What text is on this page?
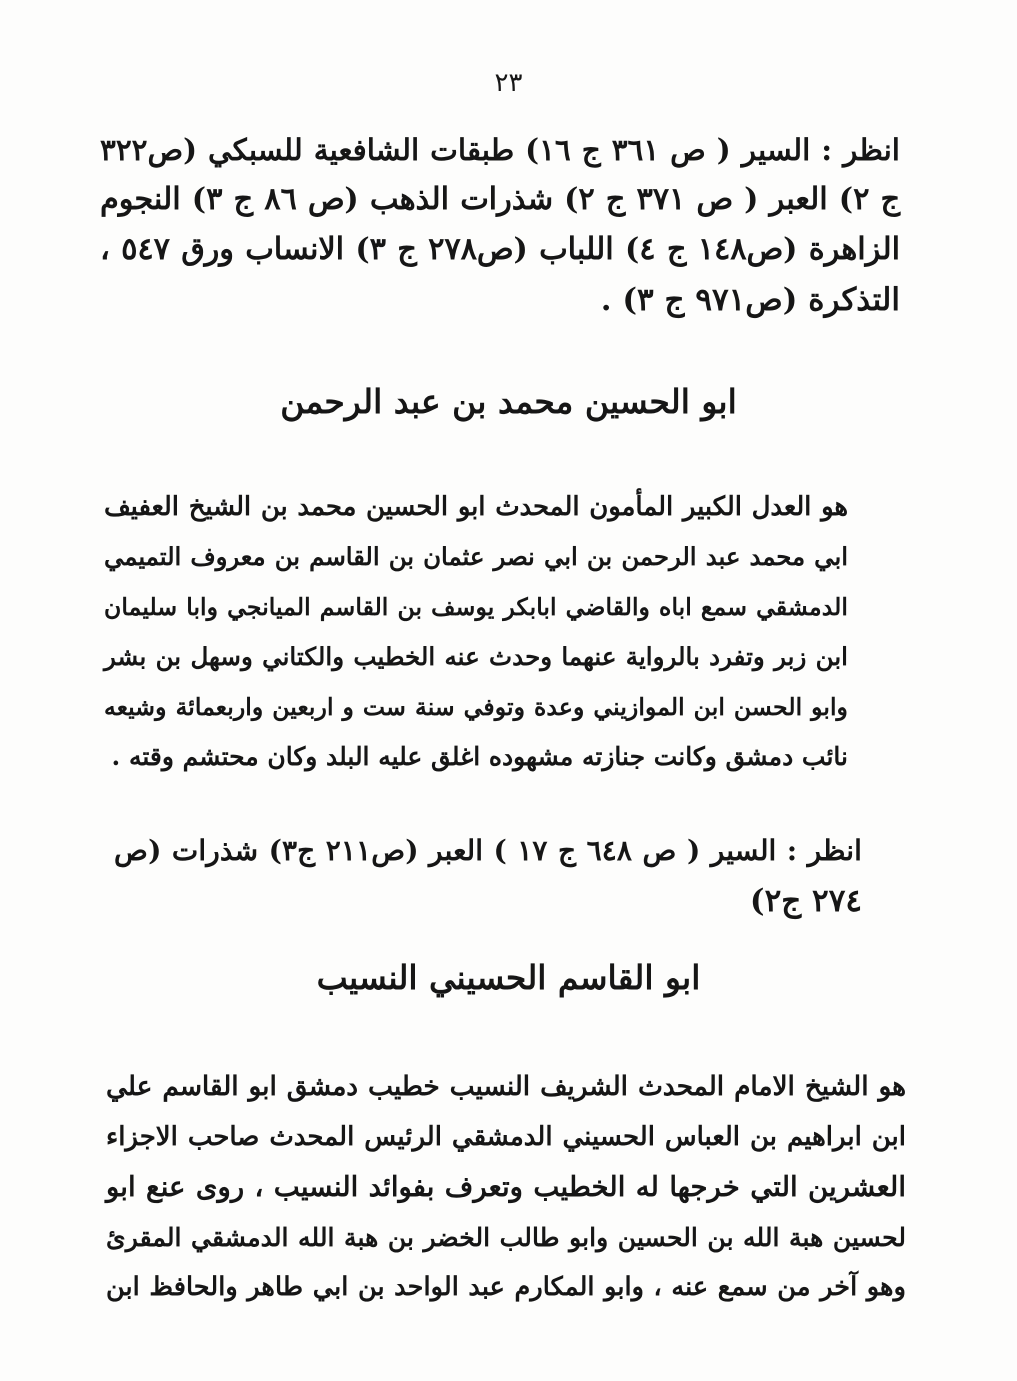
٢٣
انظر : السير ( ص ٣٦١ ج ١٦) طبقات الشافعية للسبكي (ص٣٢٢
ج ٢) العبر ( ص ٣٧١ ج ٢) شذرات الذهب (ص ٨٦ ج ٣) النجوم
الزاهرة (ص١٤٨ ج ٤) اللباب (ص٢٧٨ ج ٣) الانساب ورق ٥٤٧ ،
التذكرة (ص٩٧١ ج ٣) .
ابو الحسين محمد بن عبد الرحمن
هو العدل الكبير المأمون المحدث ابو الحسين محمد بن الشيخ العفيف
ابي محمد عبد الرحمن بن ابي نصر عثمان بن القاسم بن معروف التميمي
الدمشقي سمع اباه والقاضي ابابكر يوسف بن القاسم الميانجي وابا سليمان
ابن زبر وتفرد بالرواية عنهما وحدث عنه الخطيب والكتاني وسهل بن بشر
وابو الحسن ابن الموازيني وعدة وتوفي سنة ست و اربعين واربعمائة وشيعه
نائب دمشق وكانت جنازته مشهوده اغلق عليه البلد وكان محتشم وقته .
انظر : السير ( ص ٦٤٨ ج ١٧ ) العبر (ص٢١١ ج٣) شذرات (ص
٢٧٤ ج٢)
ابو القاسم الحسيني النسيب
هو الشيخ الامام المحدث الشريف النسيب خطيب دمشق ابو القاسم علي
ابن ابراهيم بن العباس الحسيني الدمشقي الرئيس المحدث صاحب الاجزاء
العشرين التي خرجها له الخطيب وتعرف بفوائد النسيب ، روى عنع ابو
لحسين هبة الله بن الحسين وابو طالب الخضر بن هبة الله الدمشقي المقرئ
وهو آخر من سمع عنه ، وابو المكارم عبد الواحد بن ابي طاهر والحافظ ابن
